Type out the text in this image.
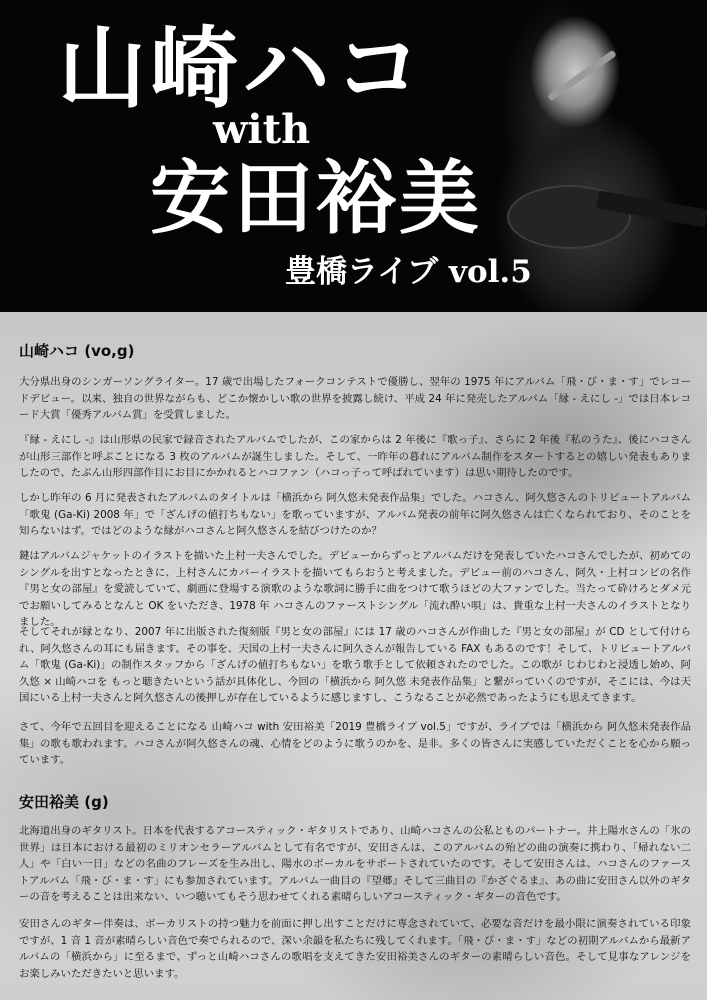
山崎ハコ
with
安田裕美
豊橋ライブ vol.5
山崎ハコ (vo,g)

大分県出身のシンガーソングライター。17 歳で出場したフォークコンテストで優勝し、翌年の 1975 年にアルバム「飛・び・ま・す」でレコードデビュー。以来、独自の世界ながらも、どこか懐かしい歌の世界を披露し続け、平成 24 年に発売したアルバム「縁 - えにし -」では日本レコード大賞「優秀アルバム賞」を受賞しました。

『縁 - えにし -』は山形県の民家で録音されたアルバムでしたが、この家からは 2 年後に『歌っ子』、さらに 2 年後『私のうた』、後にハコさんが山形三部作と呼ぶことになる 3 枚のアルバムが誕生しました。そして、一昨年の暮れにアルバム制作をスタートするとの嬉しい発表もありましたので、たぶん山形四部作目にお目にかかれるとハコファン（ハコっ子って呼ばれています）は思い期待したのです。

しかし昨年の 6 月に発表されたアルバムのタイトルは「横浜から 阿久悠未発表作品集」でした。ハコさん、阿久悠さんのトリビュートアルバム「歌鬼 (Ga-Ki) 2008 年」で「ざんげの値打ちもない」を歌っていますが、アルバム発表の前年に阿久悠さんは亡くなられており、そのことを知らないはず。ではどのような縁がハコさんと阿久悠さんを結びつけたのか？

鍵はアルバムジャケットのイラストを描いた上村一夫さんでした。デビューからずっとアルバムだけを発表していたハコさんでしたが、初めてのシングルを出すとなったときに、上村さんにカバーイラストを描いてもらおうと考えました。デビュー前のハコさん、阿久・上村コンビの名作『男と女の部屋』を愛読していて、劇画に登場する演歌のような歌詞に勝手に曲をつけて歌うほどの大ファンでした。当たって砕けろとダメ元でお願いしてみるとなんと OK をいただき、1978 年 ハコさんのファーストシングル「流れ酔い唄」は、貴重な上村一夫さんのイラストとなりました。

そしてそれが縁となり、2007 年に出版された復刻版『男と女の部屋』には 17 歳のハコさんが作曲した『男と女の部屋』が CD として付けられ、阿久悠さんの耳にも届きます。その事を、天国の上村一夫さんに阿久さんが報告している FAX もあるのです！そして、トリビュートアルバム「歌鬼 (Ga-Ki)」の制作スタッフから「ざんげの値打ちもない」を歌う歌手として依頼されたのでした。この歌が じわじわと浸透し始め、阿久悠 × 山崎ハコを もっと聴きたいという話が具体化し、今回の「横浜から 阿久悠 未発表作品集」と繋がっていくのですが、そこには、今は天国にいる上村一夫さんと阿久悠さんの後押しが存在しているように感じますし、こうなることが必然であったようにも思えてきます。

さて、今年で五回目を迎えることになる 山崎ハコ with 安田裕美「2019 豊橋ライブ vol.5」ですが、ライブでは「横浜から 阿久悠未発表作品集」の歌も歌われます。ハコさんが阿久悠さんの魂、心情をどのように歌うのかを、是非。多くの皆さんに実感していただくことを心から願っています。

安田裕美 (g)

北海道出身のギタリスト。日本を代表するアコースティック・ギタリストであり、山崎ハコさんの公私とものパートナー。井上陽水さんの「氷の世界」は日本における最初のミリオンセラーアルバムとして有名ですが、安田さんは、このアルバムの殆どの曲の演奏に携わり、「帰れない二人」や「白い一日」などの名曲のフレーズを生み出し、陽水のボーカルをサポートされていたのです。そして安田さんは、ハコさんのファーストアルバム「飛・び・ま・す」にも参加されています。アルバム一曲目の『望郷』そして三曲目の『かざぐるま』、あの曲に安田さん以外のギターの音を考えることは出来ない、いつ聴いてもそう思わせてくれる素晴らしいアコースティック・ギターの音色です。

安田さんのギター伴奏は、ボーカリストの持つ魅力を前面に押し出すことだけに専念されていて、必要な音だけを最小限に演奏されている印象ですが、1 音 1 音が素晴らしい音色で奏でられるので、深い余韻を私たちに残してくれます。「飛・び・ま・す」などの初期アルバムから最新アルバムの「横浜から」に至るまで、ずっと山崎ハコさんの歌唱を支えてきた安田裕美さんのギターの素晴らしい音色。そして見事なアレンジをお楽しみいただきたいと思います。
